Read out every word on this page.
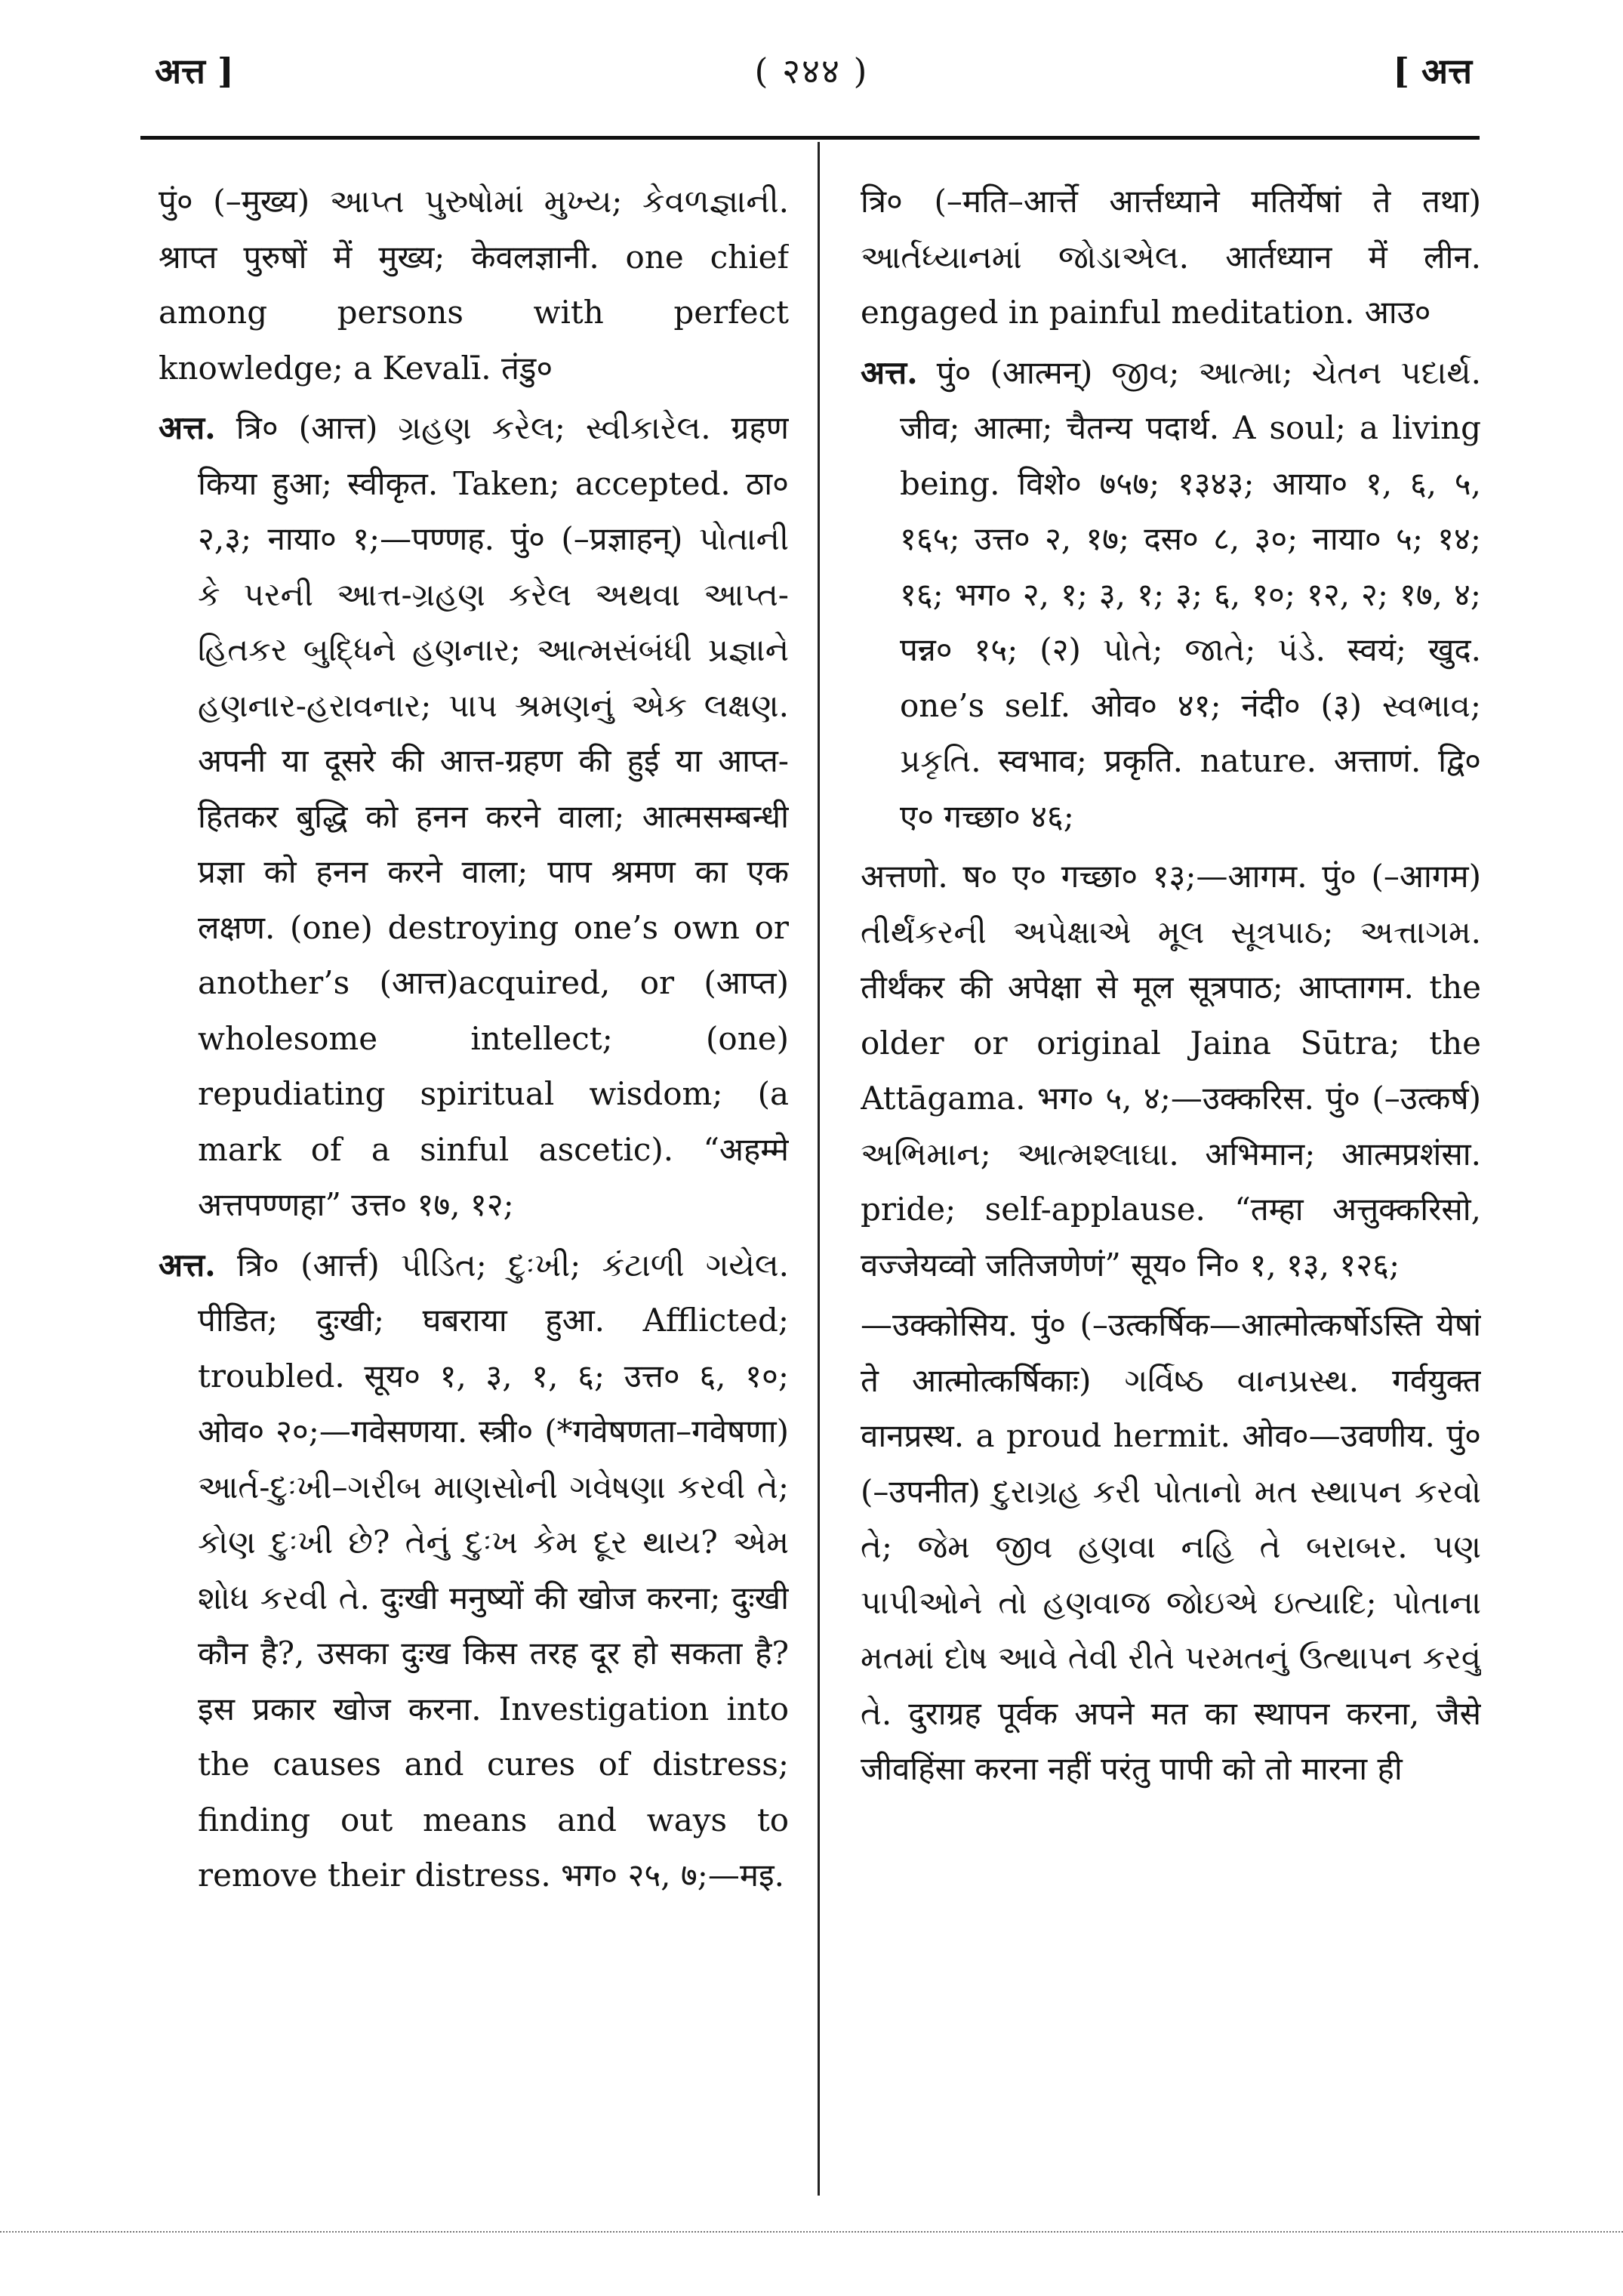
अत्त ]	( २४४ )	[ अत्त

पुं० (–मुख्य) આપ્ત પુરુષોમાં મુખ્ય; કેવળજ્ઞાની. श्राप्त पुरुषों में मुख्य; केवलज्ञानी. one chief among persons with perfect knowledge; a Kevalī. तंडु०

अत्त. त्रि० (आत्त) ગ્રહણ કરેલ; સ્વીકારેલ. ग्रहण किया हुआ; स्वीकृत. Taken; accepted. ठा० २,३; नाया० १;—पण्णह. पुं० (–प्रज्ञाहन्) પોતાની કે પરની આત્ત-ગ્રહણ કરેલ અથવા આપ્ત-હિતકર બુદ્ધિને હણનાર; આત્મસંબંધી પ્રજ્ઞાને હણનાર-હરાવનાર; પાપ શ્રમણનું એક લક્ષણ. अपनी या दूसरे की आत्त-ग्रहण की हुई या आप्त-हितकर बुद्धि को हनन करने वाला; आत्मसम्बन्धी प्रज्ञा को हनन करने वाला; पाप श्रमण का एक लक्षण. (one) destroying one’s own or another’s (आत्त)acquired, or (आप्त) wholesome intellect; (one) repudiating spiritual wisdom; (a mark of a sinful ascetic). “अहम्मे अत्तपण्णहा” उत्त० १७, १२;

अत्त. त्रि० (आर्त्त) પીડિત; દુઃખી; કંટાળી ગયેલ. पीडित; दुःखी; घबराया हुआ. Afflicted; troubled. सूय० १, ३, १, ६; उत्त० ६, १०; ओव० २०;—गवेसणया. स्त्री० (*गवेषणता–गवेषणा) આર્ત-દુઃખી–ગરીબ માણસોની ગવેષણા કરવી તે; કોણ દુઃખી છે? તેનું દુઃખ કેમ દૂર થાય? એમ શોધ કરવી તે. दुःखी मनुष्यों की खोज करना; दुःखी कौन है?, उसका दुःख किस तरह दूर हो सकता है? इस प्रकार खोज करना. Investigation into the causes and cures of distress; finding out means and ways to remove their distress. भग० २५, ७;—मइ.

त्रि० (–मति–आर्त्ते आर्त्तध्याने मतिर्येषां ते तथा) આર્તધ્યાનમાં જોડાએલ. आर्तध्यान में लीन. engaged in painful meditation. आउ०

अत्त. पुं० (आत्मन्) જીવ; આત્મા; ચેતન પદાર્થ. जीव; आत्मा; चैतन्य पदार्थ. A soul; a living being. विशे० ७५७; १३४३; आया० १, ६, ५, १६५; उत्त० २, १७; दस० ८, ३०; नाया० ५; १४; १६; भग० २, १; ३, १; ३; ६, १०; १२, २; १७, ४; पन्न० १५; (२) પોતે; જાતે; પંડે. स्वयं; खुद. one’s self. ओव० ४१; नंदी० (३) સ્વભાવ; પ્રકૃતિ. स्वभाव; प्रकृति. nature. अत्ताणं. द्वि० ए० गच्छा० ४६;

अत्तणो. ष० ए० गच्छा० १३;—आगम. पुं० (–आगम) તીર્થંકરની અપેક્ષાએ મૂલ સૂત્રપાઠ; અત્તાગમ. तीर्थंकर की अपेक्षा से मूल सूत्रपाठ; आप्तागम. the older or original Jaina Sūtra; the Attāgama. भग० ५, ४;—उक्करिस. पुं० (–उत्कर्ष) અભિમાન; આત્મશ્લાઘા. अभिमान; आत्मप्रशंसा. pride; self-applause. “तम्हा अत्तुक्करिसो, वज्जेयव्वो जतिजणेणं” सूय० नि० १, १३, १२६;

—उक्कोसिय. पुं० (–उत्कर्षिक—आत्मोत्कर्षोऽस्ति येषां ते आत्मोत्कर्षिकाः) ગર્વિષ્ઠ વાનપ્રસ્થ. गर्वयुक्त वानप्रस्थ. a proud hermit. ओव०—उवणीय. पुं० (–उपनीत) દુરાગ્રહ કરી પોતાનો મત સ્થાપન કરવો તે; જેમ જીવ હણવા નહિ તે બરાબર. પણ પાપીઓને તો હણવાજ જોઇએ ઇત્યાદિ; પોતાના મતમાં દોષ આવે તેવી રીતે પરમતનું ઉત્થાપન કરવું તે. दुराग्रह पूर्वक अपने मत का स्थापन करना, जैसे जीवहिंसा करना नहीं परंतु पापी को तो मारना ही
